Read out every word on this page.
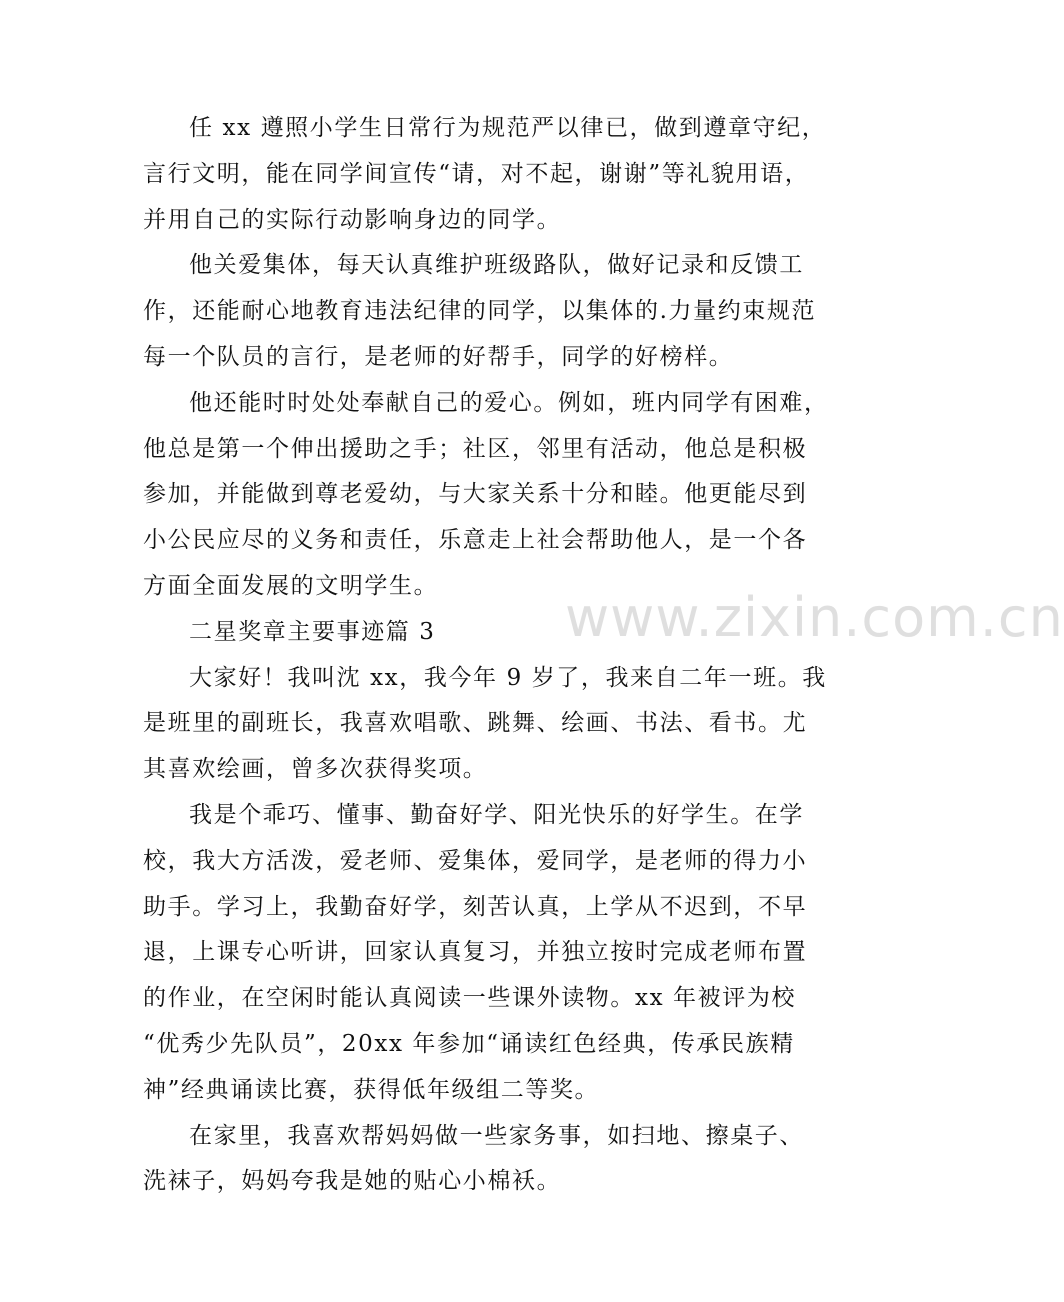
任 xx 遵照小学生日常行为规范严以律已，做到遵章守纪，
言行文明，能在同学间宣传“请，对不起，谢谢”等礼貌用语，
并用自己的实际行动影响身边的同学。
他关爱集体，每天认真维护班级路队，做好记录和反馈工
作，还能耐心地教育违法纪律的同学，以集体的.力量约束规范
每一个队员的言行，是老师的好帮手，同学的好榜样。
他还能时时处处奉献自己的爱心。例如，班内同学有困难，
他总是第一个伸出援助之手；社区，邻里有活动，他总是积极
参加，并能做到尊老爱幼，与大家关系十分和睦。他更能尽到
小公民应尽的义务和责任，乐意走上社会帮助他人，是一个各
方面全面发展的文明学生。
二星奖章主要事迹篇 3
大家好！我叫沈 xx，我今年 9 岁了，我来自二年一班。我
是班里的副班长，我喜欢唱歌、跳舞、绘画、书法、看书。尤
其喜欢绘画，曾多次获得奖项。
我是个乖巧、懂事、勤奋好学、阳光快乐的好学生。在学
校，我大方活泼，爱老师、爱集体，爱同学，是老师的得力小
助手。学习上，我勤奋好学，刻苦认真，上学从不迟到，不早
退，上课专心听讲，回家认真复习，并独立按时完成老师布置
的作业，在空闲时能认真阅读一些课外读物。xx 年被评为校
“优秀少先队员”，20xx 年参加“诵读红色经典，传承民族精
神”经典诵读比赛，获得低年级组二等奖。
在家里，我喜欢帮妈妈做一些家务事，如扫地、擦桌子、
洗袜子，妈妈夸我是她的贴心小棉袄。
www.zixin.com.cn
